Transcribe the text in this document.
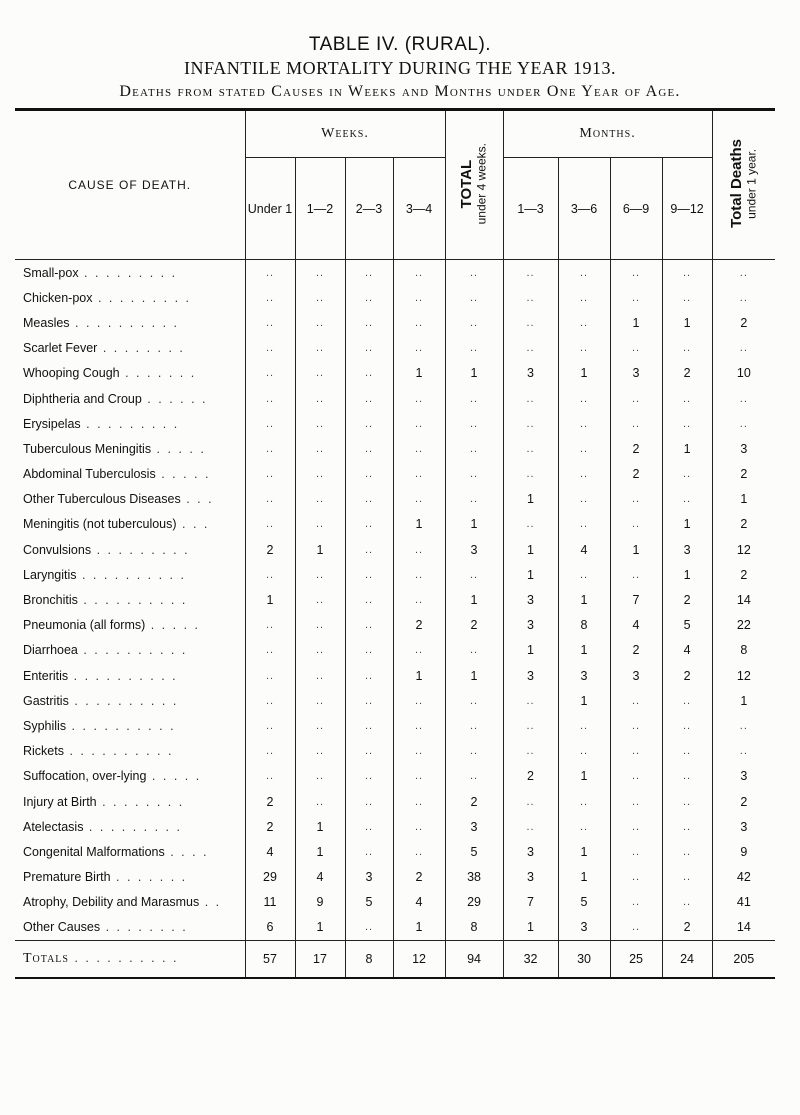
TABLE IV. (RURAL).
INFANTILE MORTALITY DURING THE YEAR 1913.
Deaths from stated Causes in Weeks and Months under One Year of Age.
CAUSE OF DEATH.	Weeks.				TOTAL
under 4 weeks.	Months.				Total Deaths
under 1 year.
	Under 1	1—2	2—3	3—4		1—3	3—6	6—9	9—12	
Small-pox . . . . . . . . .	..	..	..	..	..	..	..	..	..	..
Chicken-pox . . . . . . . . .	..	..	..	..	..	..	..	..	..	..
Measles . . . . . . . . . .	..	..	..	..	..	..	..	1	1	2
Scarlet Fever . . . . . . . .	..	..	..	..	..	..	..	..	..	..
Whooping Cough . . . . . . .	..	..	..	1	1	3	1	3	2	10
Diphtheria and Croup . . . . . .	..	..	..	..	..	..	..	..	..	..
Erysipelas . . . . . . . . .	..	..	..	..	..	..	..	..	..	..
Tuberculous Meningitis . . . . .	..	..	..	..	..	..	..	2	1	3
Abdominal Tuberculosis . . . . .	..	..	..	..	..	..	..	2	..	2
Other Tuberculous Diseases . . .	..	..	..	..	..	1	..	..	..	1
Meningitis (not tuberculous) . . .	..	..	..	1	1	..	..	..	1	2
Convulsions . . . . . . . . .	2	1	..	..	3	1	4	1	3	12
Laryngitis . . . . . . . . . .	..	..	..	..	..	1	..	..	1	2
Bronchitis . . . . . . . . . .	1	..	..	..	1	3	1	7	2	14
Pneumonia (all forms) . . . . .	..	..	..	2	2	3	8	4	5	22
Diarrhoea . . . . . . . . . .	..	..	..	..	..	1	1	2	4	8
Enteritis . . . . . . . . . .	..	..	..	1	1	3	3	3	2	12
Gastritis . . . . . . . . . .	..	..	..	..	..	..	1	..	..	1
Syphilis . . . . . . . . . .	..	..	..	..	..	..	..	..	..	..
Rickets . . . . . . . . . .	..	..	..	..	..	..	..	..	..	..
Suffocation, over-lying . . . . .	..	..	..	..	..	2	1	..	..	3
Injury at Birth . . . . . . . .	2	..	..	..	2	..	..	..	..	2
Atelectasis . . . . . . . . .	2	1	..	..	3	..	..	..	..	3
Congenital Malformations . . . .	4	1	..	..	5	3	1	..	..	9
Premature Birth . . . . . . .	29	4	3	2	38	3	1	..	..	42
Atrophy, Debility and Marasmus . .	11	9	5	4	29	7	5	..	..	41
Other Causes . . . . . . . .	6	1	..	1	8	1	3	..	2	14
Totals . . . . . . . . . .	57	17	8	12	94	32	30	25	24	205
